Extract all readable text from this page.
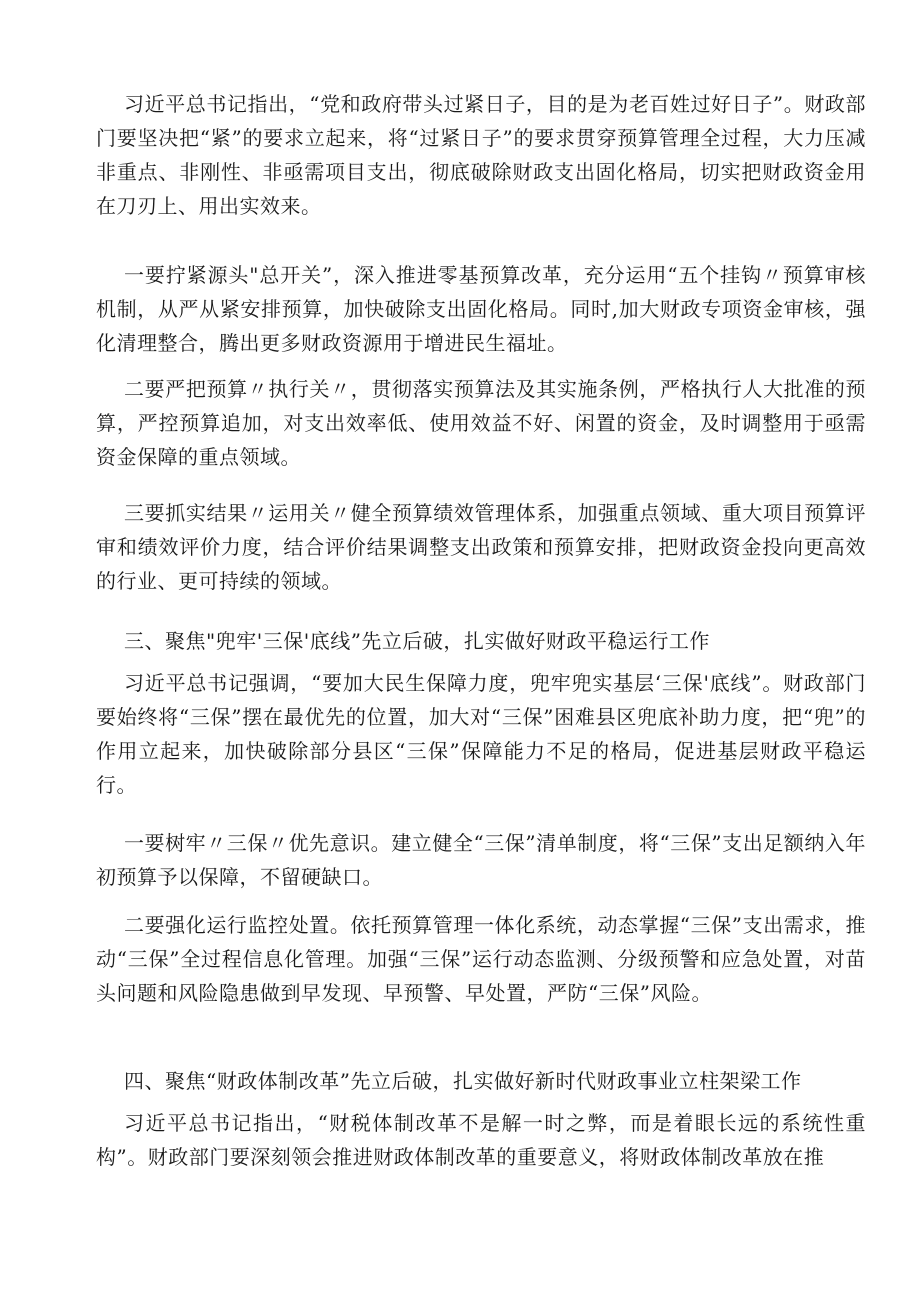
习近平总书记指出，“党和政府带头过紧日子，目的是为老百姓过好日子”。财政部门要坚决把“紧”的要求立起来，将“过紧日子”的要求贯穿预算管理全过程，大力压减非重点、非刚性、非亟需项目支出，彻底破除财政支出固化格局，切实把财政资金用在刀刃上、用出实效来。

一要拧紧源头"总开关”，深入推进零基预算改革，充分运用“五个挂钩〃预算审核机制，从严从紧安排预算，加快破除支出固化格局。同时,加大财政专项资金审核，强化清理整合，腾出更多财政资源用于增进民生福址。

二要严把预算〃执行关〃，贯彻落实预算法及其实施条例，严格执行人大批准的预算，严控预算追加，对支出效率低、使用效益不好、闲置的资金，及时调整用于亟需资金保障的重点领域。

三要抓实结果〃运用关〃健全预算绩效管理体系，加强重点领域、重大项目预算评审和绩效评价力度，结合评价结果调整支出政策和预算安排，把财政资金投向更高效的行业、更可持续的领域。

三、聚焦"兜牢'三保'底线”先立后破，扎实做好财政平稳运行工作

习近平总书记强调，“要加大民生保障力度，兜牢兜实基层‘三保'底线”。财政部门要始终将“三保”摆在最优先的位置，加大对“三保”困难县区兜底补助力度，把“兜”的作用立起来，加快破除部分县区“三保”保障能力不足的格局，促进基层财政平稳运行。

一要树牢〃三保〃优先意识。建立健全“三保”清单制度，将“三保”支出足额纳入年初预算予以保障，不留硬缺口。

二要强化运行监控处置。依托预算管理一体化系统，动态掌握“三保”支出需求，推动“三保”全过程信息化管理。加强“三保”运行动态监测、分级预警和应急处置，对苗头问题和风险隐患做到早发现、早预警、早处置，严防“三保”风险。

四、聚焦“财政体制改革”先立后破，扎实做好新时代财政事业立柱架梁工作

习近平总书记指出，“财税体制改革不是解一时之弊，而是着眼长远的系统性重构”。财政部门要深刻领会推进财政体制改革的重要意义，将财政体制改革放在推
